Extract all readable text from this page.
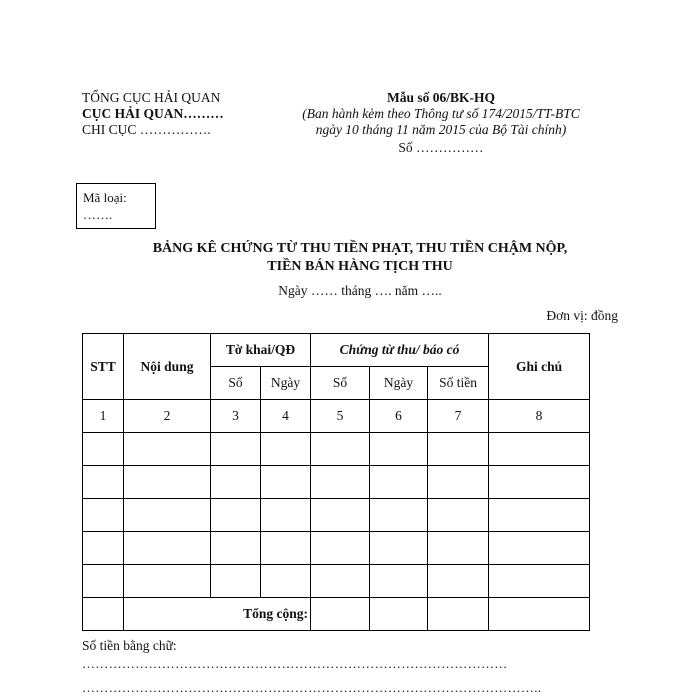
TỔNG CỤC HẢI QUAN
CỤC HẢI QUAN………
CHI CỤC …………….
Mẫu số 06/BK-HQ
(Ban hành kèm theo Thông tư số 174/2015/TT-BTC ngày 10 tháng 11 năm 2015 của Bộ Tài chính)
Số ……………
Mã loại:
…….
BẢNG KÊ CHỨNG TỪ THU TIỀN PHẠT, THU TIỀN CHẬM NỘP,
TIỀN BÁN HÀNG TỊCH THU
Ngày …… tháng …. năm …..
Đơn vị: đồng
STT	Nội dung	Tờ khai/QĐ		Chứng từ thu/ báo có			Ghi chú
		Số	Ngày	Số	Ngày	Số tiền	
1	2	3	4	5	6	7	8

	Tổng cộng:						
Số tiền bằng chữ:
……………………………………………………………………………………
…………………………………………………………………………………………..
